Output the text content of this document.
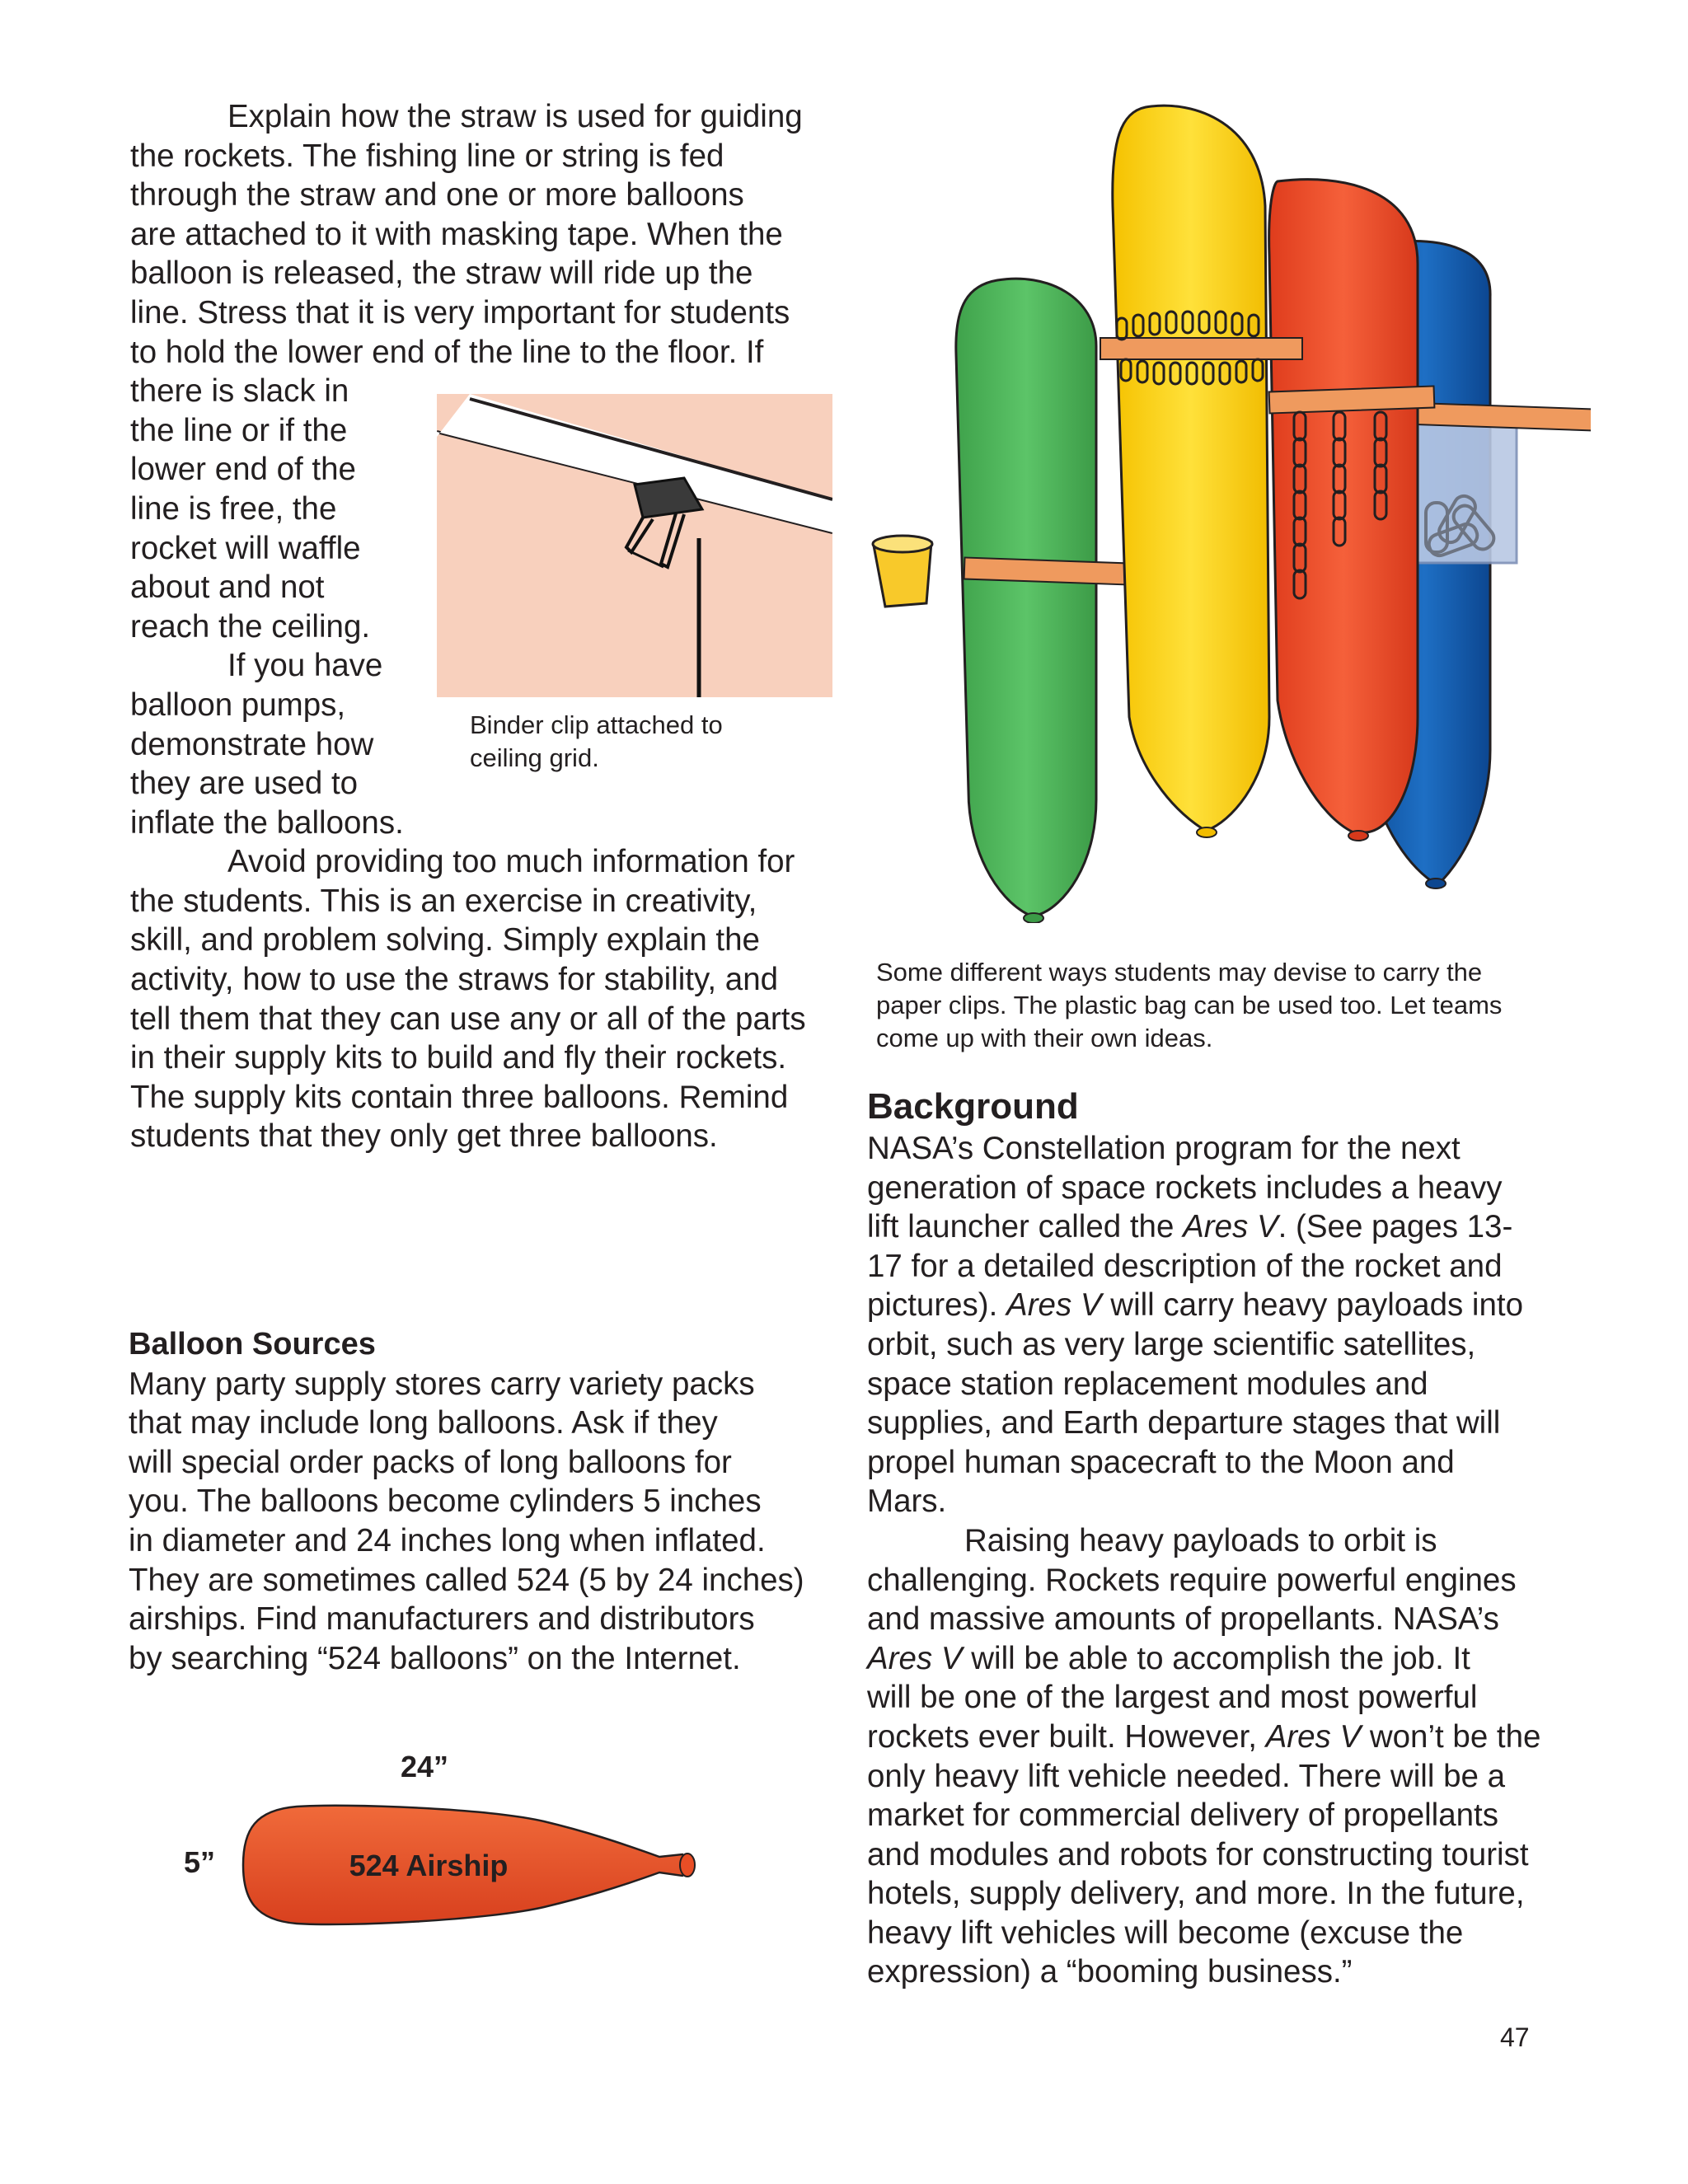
Explain how the straw is used for guiding
the rockets. The fishing line or string is fed
through the straw and one or more balloons
are attached to it with masking tape. When the
balloon is released, the straw will ride up the
line. Stress that it is very important for students
to hold the lower end of the line to the floor. If
there is slack in
the line or if the
lower end of the
line is free, the
rocket will waffle
about and not
reach the ceiling.
If you have
balloon pumps,
demonstrate how
they are used to
inflate the balloons.
Avoid providing too much information for
the students. This is an exercise in creativity,
skill, and problem solving. Simply explain the
activity, how to use the straws for stability, and
tell them that they can use any or all of the parts
in their supply kits to build and fly their rockets.
The supply kits contain three balloons. Remind
students that they only get three balloons.
Binder clip attached to
ceiling grid.
Balloon Sources
Many party supply stores carry variety packs
that may include long balloons. Ask if they
will special order packs of long balloons for
you. The balloons become cylinders 5 inches
in diameter and 24 inches long when inflated.
They are sometimes called 524 (5 by 24 inches)
airships. Find manufacturers and distributors
by searching “524 balloons” on the Internet.
24”
5”	524 Airship
Some different ways students may devise to carry the
paper clips. The plastic bag can be used too. Let teams
come up with their own ideas.
Background
NASA’s Constellation program for the next
generation of space rockets includes a heavy
lift launcher called the Ares V. (See pages 13-
17 for a detailed description of the rocket and
pictures). Ares V will carry heavy payloads into
orbit, such as very large scientific satellites,
space station replacement modules and
supplies, and Earth departure stages that will
propel human spacecraft to the Moon and
Mars.
Raising heavy payloads to orbit is
challenging. Rockets require powerful engines
and massive amounts of propellants. NASA’s
Ares V will be able to accomplish the job. It
will be one of the largest and most powerful
rockets ever built. However, Ares V won’t be the
only heavy lift vehicle needed. There will be a
market for commercial delivery of propellants
and modules and robots for constructing tourist
hotels, supply delivery, and more. In the future,
heavy lift vehicles will become (excuse the
expression) a “booming business.”
47
